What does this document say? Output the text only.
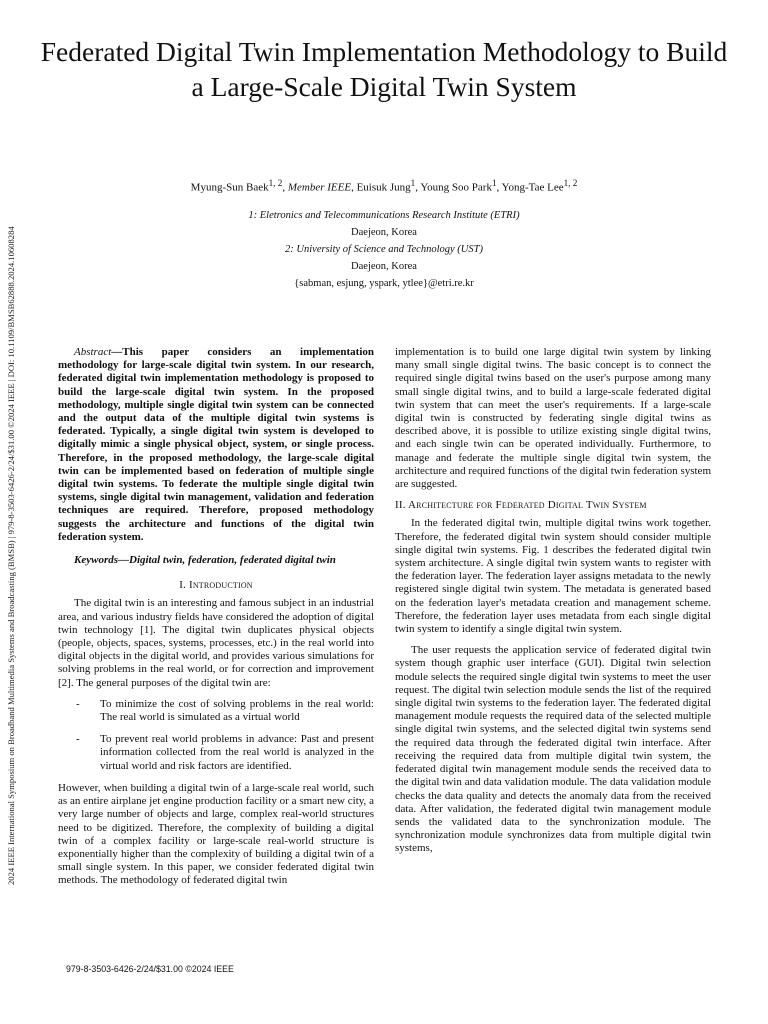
2024 IEEE International Symposium on Broadband Multimedia Systems and Broadcasting (BMSB) | 979-8-3503-6426-2/24/$31.00 ©2024 IEEE | DOI: 10.1109/BMSB62888.2024.10608284
Federated Digital Twin Implementation Methodology to Build a Large-Scale Digital Twin System
Myung-Sun Baek$^{1, 2}$, Member IEEE, Euisuk Jung$^1$, Young Soo Park$^1$, Yong-Tae Lee$^{1, 2}$
1: Eletronics and Telecommunications Research Institute (ETRI)
Daejeon, Korea
2: University of Science and Technology (UST)
Daejeon, Korea
{sabman, esjung, yspark, ytlee}@etri.re.kr

Abstract—This paper considers an implementation methodology for large-scale digital twin system. In our research, federated digital twin implementation methodology is proposed to build the large-scale digital twin system. In the proposed methodology, multiple single digital twin system can be connected and the output data of the multiple digital twin systems is federated. Typically, a single digital twin system is developed to digitally mimic a single physical object, system, or single process. Therefore, in the proposed methodology, the large-scale digital twin can be implemented based on federation of multiple single digital twin systems. To federate the multiple single digital twin systems, single digital twin management, validation and federation techniques are required. Therefore, proposed methodology suggests the architecture and functions of the digital twin federation system.

Keywords—Digital twin, federation, federated digital twin

I. Introduction

The digital twin is an interesting and famous subject in an industrial area, and various industry fields have considered the adoption of digital twin technology [1]. The digital twin duplicates physical objects (people, objects, spaces, systems, processes, etc.) in the real world into digital objects in the digital world, and provides various simulations for solving problems in the real world, or for correction and improvement [2]. The general purposes of the digital twin are:

- To minimize the cost of solving problems in the real world: The real world is simulated as a virtual world
- To prevent real world problems in advance: Past and present information collected from the real world is analyzed in the virtual world and risk factors are identified.

However, when building a digital twin of a large-scale real world, such as an entire airplane jet engine production facility or a smart new city, a very large number of objects and large, complex real-world structures need to be digitized. Therefore, the complexity of building a digital twin of a complex facility or large-scale real-world structure is exponentially higher than the complexity of building a digital twin of a small single system. In this paper, we consider federated digital twin methods. The methodology of federated digital twin

implementation is to build one large digital twin system by linking many small single digital twins. The basic concept is to connect the required single digital twins based on the user's purpose among many small single digital twins, and to build a large-scale federated digital twin system that can meet the user's requirements. If a large-scale digital twin is constructed by federating single digital twins as described above, it is possible to utilize existing single digital twins, and each single twin can be operated individually. Furthermore, to manage and federate the multiple single digital twin system, the architecture and required functions of the digital twin federation system are suggested.

II. Architecture for Federated Digital Twin System

In the federated digital twin, multiple digital twins work together. Therefore, the federated digital twin system should consider multiple single digital twin systems. Fig. 1 describes the federated digital twin system architecture. A single digital twin system wants to register with the federation layer. The federation layer assigns metadata to the newly registered single digital twin system. The metadata is generated based on the federation layer's metadata creation and management scheme. Therefore, the federation layer uses metadata from each single digital twin system to identify a single digital twin system.

The user requests the application service of federated digital twin system though graphic user interface (GUI). Digital twin selection module selects the required single digital twin systems to meet the user request. The digital twin selection module sends the list of the required single digital twin systems to the federation layer. The federated digital management module requests the required data of the selected multiple single digital twin systems, and the selected digital twin systems send the required data through the federated digital twin interface. After receiving the required data from multiple digital twin system, the federated digital twin management module sends the received data to the digital twin and data validation module. The data validation module checks the data quality and detects the anomaly data from the received data. After validation, the federated digital twin management module sends the validated data to the synchronization module. The synchronization module synchronizes data from multiple digital twin systems,

979-8-3503-6426-2/24/$31.00 ©2024 IEEE
